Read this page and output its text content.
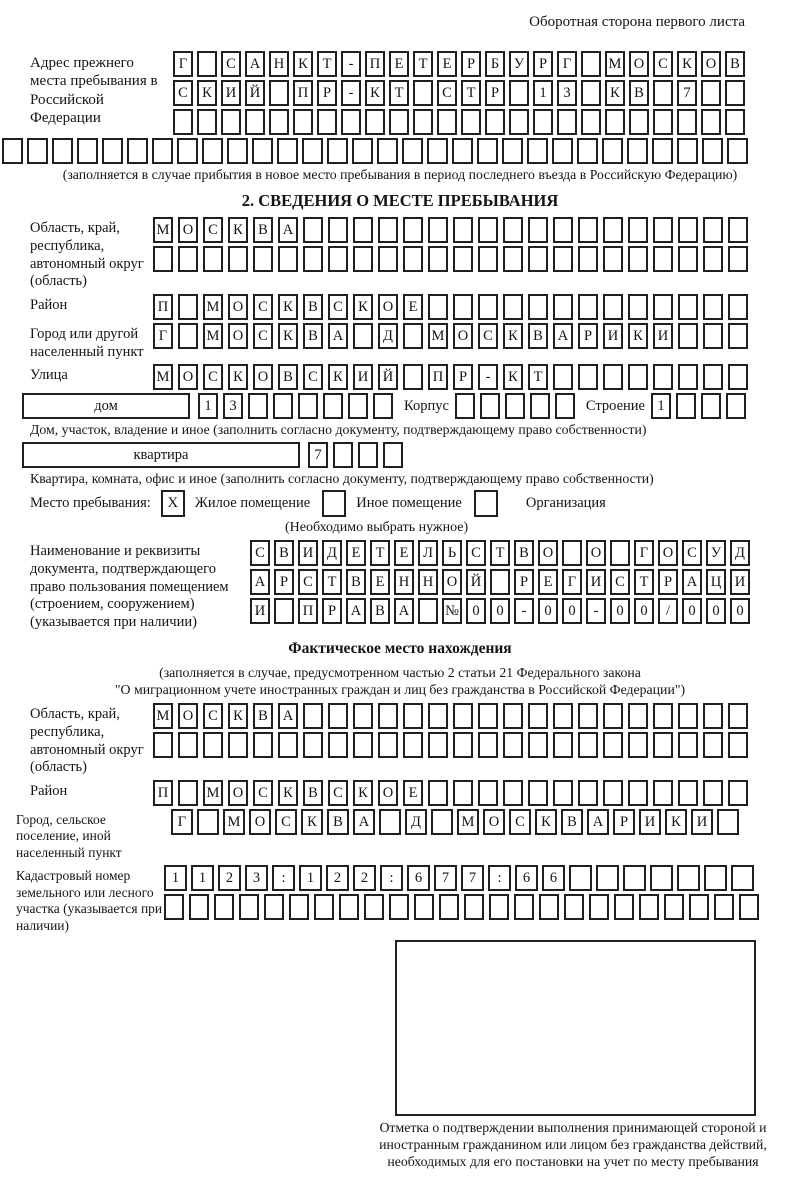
Оборотная сторона первого листа
Адрес прежнего места пребывания в Российской Федерации
Г	С А Н К	Т	-	П Е	Т	Е	Р	Б	У	Р	Г	М О С К О В
С К И Й	П	Р	-	К	Т	С	Т	Р	1	3	К В	7
(заполняется в случае прибытия в новое место пребывания в период последнего въезда в Российскую Федерацию)
2. СВЕДЕНИЯ О МЕСТЕ ПРЕБЫВАНИЯ
Область, край, республика, автономный округ (область)
М О	С	К	В	А
Район	П	М О	С	К	В	С	К	О	Е
Город или другой населенный пункт
Г	М О	С	К	В	А	Д	М О	С	К	В	А	Р	И	К	И
Улица	М О	С	К	О	В	С	К	И	Й	П	Р	-	К	Т
дом	1	3	Корпус	Строение 1
Дом, участок, владение и иное (заполнить согласно документу, подтверждающему право собственности)
квартира	7
Квартира, комната, офис и иное (заполнить согласно документу, подтверждающему право собственности)
Место пребывания:	X	Жилое помещение	Иное помещение	Организация
(Необходимо выбрать нужное)
Наименование и реквизиты документа, подтверждающего право пользования помещением (строением, сооружением) (указывается при наличии)
С В И Д	Е	Т	Е	Л	Ь	С	Т	В О	О	Г	О С У Д
А	Р	С	Т	В	Е Н Н О Й	Р	Е	Г	И С	Т	Р	А Ц И
И	П	Р	А В А	№ 0	0	-	0	0	-	0	0	/	0	0	0
Фактическое место нахождения
(заполняется в случае, предусмотренном частью 2 статьи 21 Федерального закона
"О миграционном учете иностранных граждан и лиц без гражданства в Российской Федерации")
Область, край, республика, автономный округ (область)
М О	С	К	В	А
Район	П	М О	С	К	В	С	К	О	Е
Город, сельское поселение, иной населенный пункт
Г	М О	С	К	В	А	Д	М О	С	К	В	А	Р	И	К	И
Кадастровый номер земельного или лесного участка (указывается при наличии)
1	1	2	3	:	1	2	2	:	6	7	7	:	6	6
Отметка о подтверждении выполнения принимающей стороной и иностранным гражданином или лицом без гражданства действий, необходимых для его постановки на учет по месту пребывания
